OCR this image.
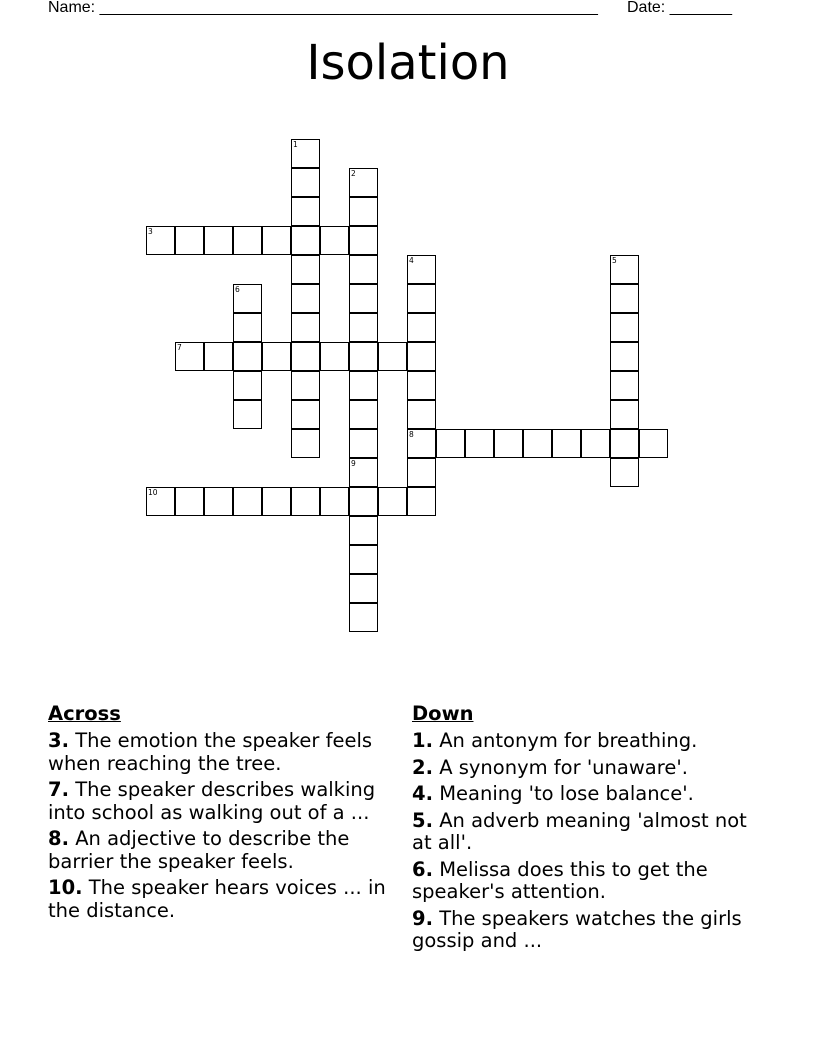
Name: ________________________________________________________ Date: _______
Isolation
1
2
3
4
8
5
6
7
9
10
Across
3. The emotion the speaker feels when reaching the tree.
7. The speaker describes walking into school as walking out of a ...
8. An adjective to describe the barrier the speaker feels.
10. The speaker hears voices ... in the distance.
Down
1. An antonym for breathing.
2. A synonym for 'unaware'.
4. Meaning 'to lose balance'.
5. An adverb meaning 'almost not at all'.
6. Melissa does this to get the speaker's attention.
9. The speakers watches the girls gossip and ...
